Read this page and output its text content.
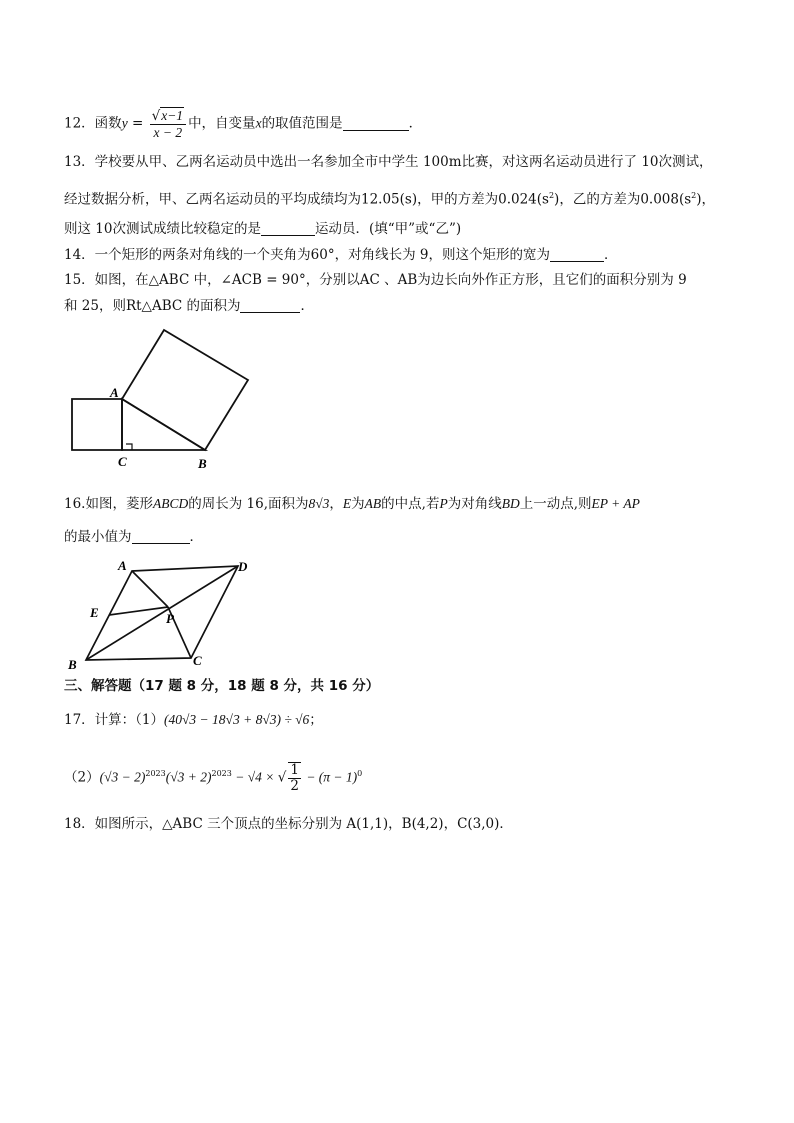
12．函数$y = \frac{√x-1}{x - 2}$ 中，自变量x的取值范围是	．
13．学校要从甲、乙两名运动员中选出一名参加全市中学生 100m比赛，对这两名运动员进行了 10次测试，
经过数据分析，甲、乙两名运动员的平均成绩均为12.05(s)，甲的方差为$0.024(s^2)$，乙的方差为$0.008(s^2)$，
则这 10次测试成绩比较稳定的是	运动员．(填“甲”或“乙”)
14．一个矩形的两条对角线的一个夹角为60°，对角线长为 9，则这个矩形的宽为	．
15．如图，在△ABC 中，∠ACB = 90°，分别以AC 、AB为边长向外作正方形，且它们的面积分别为 9
和 25，则Rt△ABC 的面积为	．
A
C	B
16.如图，菱形ABCD的周长为 16,面积为8√3，E为AB的中点,若P为对角线BD上一动点,则EP + AP
的最小值为	．
A	D
E	P
B	C
三、解答题（17 题 8 分，18 题 8 分，共 16 分）
17．计算：（1）(40√3 − 18√3 + 8√3) ÷ √6；
$(2)(√3 - 2)^{2023}(√3 + 2)^{2023} - √4$ × √ $\frac{1}{2} - (\pi - 1)^0$
18．如图所示，△ABC 三个顶点的坐标分别为 A(1,1)，B(4,2)，C(3,0)．
